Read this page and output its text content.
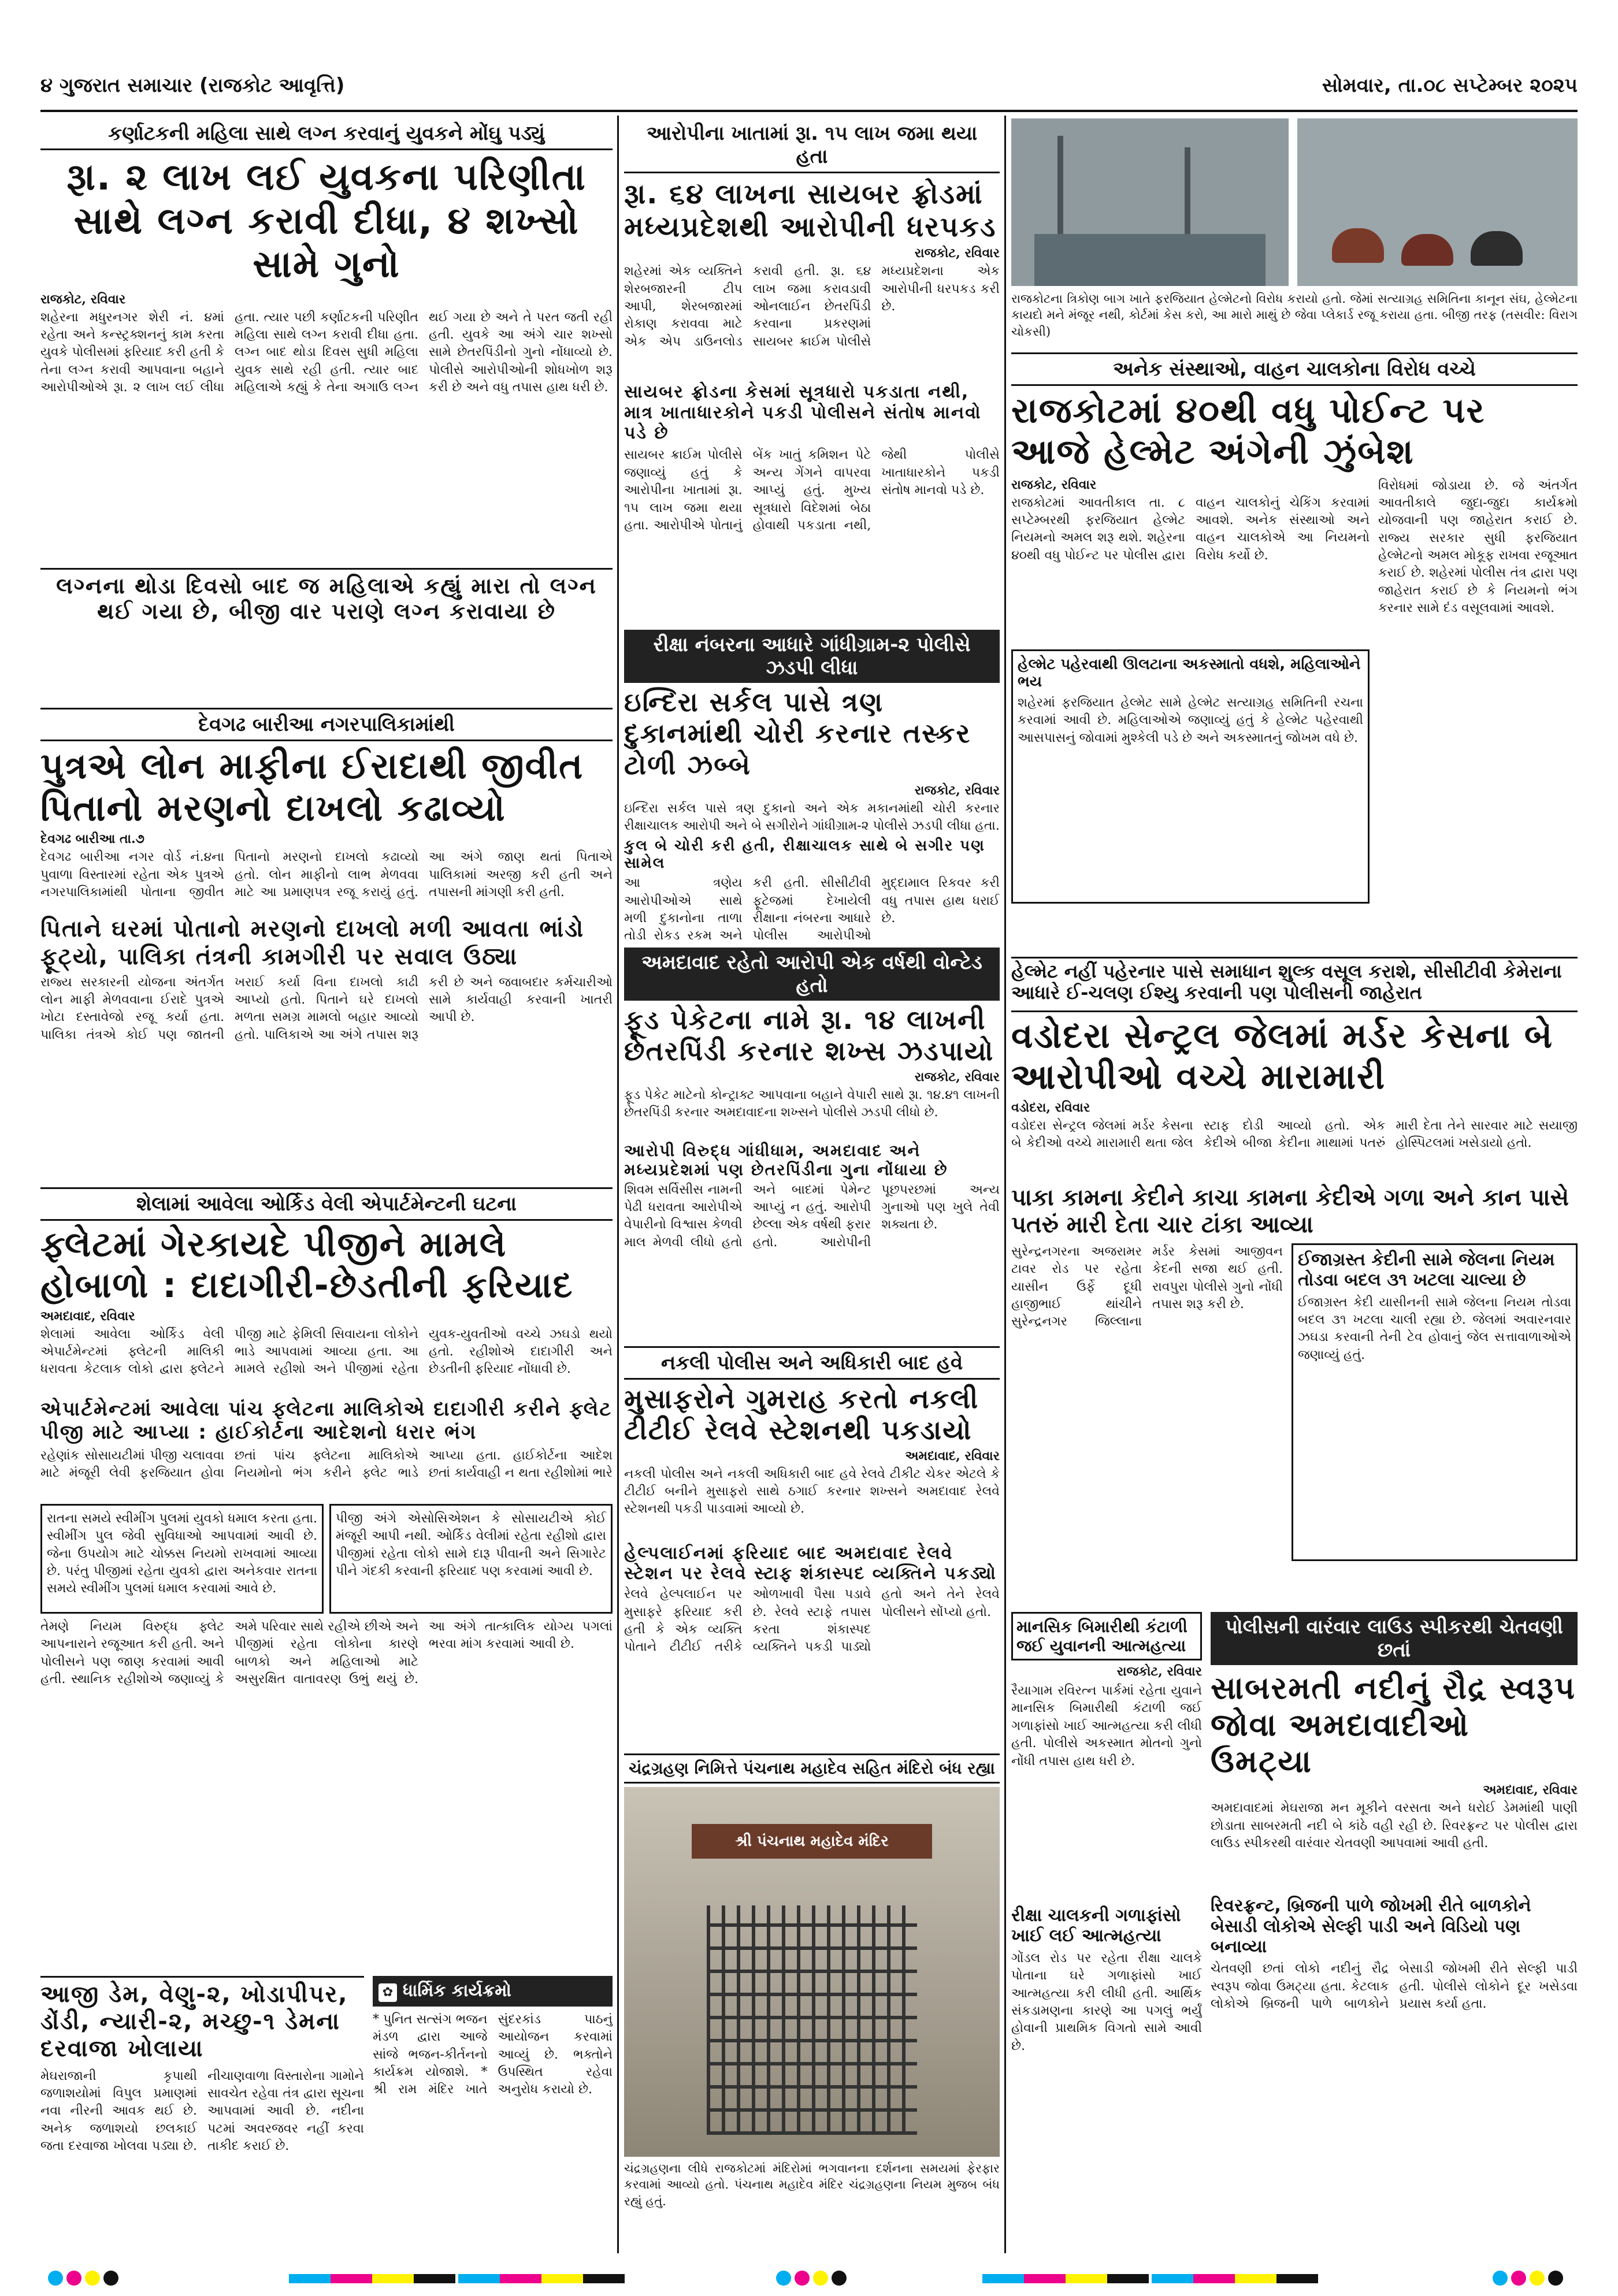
૪ ગુજરાત સમાચાર (રાજકોટ આવૃત્તિ)	સોમવાર, તા.૦૮ સપ્ટેમ્બર ૨૦૨૫
કર્ણાટકની મહિલા સાથે લગ્ન કરવાનું યુવકને મોંઘુ પડ્યું
રૂા. ૨ લાખ લઈ યુવકના પરિણીતા સાથે લગ્ન કરાવી દીધા, ૪ શખ્સો સામે ગુનો
રાજકોટ, રવિવાર
શહેરના મધુરનગર શેરી નં. ૪માં રહેતા અને કન્સ્ટ્રક્શનનું કામ કરતા યુવકે પોલીસમાં ફરિયાદ કરી હતી કે તેના લગ્ન કરાવી આપવાના બહાને આરોપીઓએ રૂા. ૨ લાખ લઈ લીધા હતા. ત્યાર પછી કર્ણાટકની પરિણીત મહિલા સાથે લગ્ન કરાવી દીધા હતા. લગ્ન બાદ થોડા દિવસ સુધી મહિલા યુવક સાથે રહી હતી. ત્યાર બાદ મહિલાએ કહ્યું કે તેના અગાઉ લગ્ન થઈ ગયા છે અને તે પરત જતી રહી હતી. યુવકે આ અંગે ચાર શખ્સો સામે છેતરપિંડીનો ગુનો નોંધાવ્યો છે. પોલીસે આરોપીઓની શોધખોળ શરૂ કરી છે અને વધુ તપાસ હાથ ધરી છે.
લગ્નના થોડા દિવસો બાદ જ મહિલાએ કહ્યું મારા તો લગ્ન થઈ ગયા છે, બીજી વાર પરાણે લગ્ન કરાવાયા છે
દેવગઢ બારીઆ નગરપાલિકામાંથી
પુત્રએ લોન માફીના ઈરાદાથી જીવીત પિતાનો મરણનો દાખલો કઢાવ્યો
દેવગઢ બારીઆ તા.૭
દેવગઢ બારીઆ નગર વોર્ડ નં.૪ના પુવાળા વિસ્તારમાં રહેતા એક પુત્રએ નગરપાલિકામાંથી પોતાના જીવીત પિતાનો મરણનો દાખલો કઢાવ્યો હતો. લોન માફીનો લાભ મેળવવા માટે આ પ્રમાણપત્ર રજૂ કરાયું હતું. આ અંગે જાણ થતાં પિતાએ પાલિકામાં અરજી કરી હતી અને તપાસની માંગણી કરી હતી.
પિતાને ઘરમાં પોતાનો મરણનો દાખલો મળી આવતા ભાંડો ફૂટ્યો, પાલિકા તંત્રની કામગીરી પર સવાલ ઉઠ્યા
રાજ્ય સરકારની યોજના અંતર્ગત લોન માફી મેળવવાના ઈરાદે પુત્રએ ખોટા દસ્તાવેજો રજૂ કર્યા હતા. પાલિકા તંત્રએ કોઈ પણ જાતની ખરાઈ કર્યા વિના દાખલો કાઢી આપ્યો હતો. પિતાને ઘરે દાખલો મળતા સમગ્ર મામલો બહાર આવ્યો હતો. પાલિકાએ આ અંગે તપાસ શરૂ કરી છે અને જવાબદાર કર્મચારીઓ સામે કાર્યવાહી કરવાની ખાતરી આપી છે.
શેલામાં આવેલા ઓર્કિડ વેલી એપાર્ટમેન્ટની ઘટના
ફ્લેટમાં ગેરકાયદે પીજીને મામલે હોબાળો : દાદાગીરી-છેડતીની ફરિયાદ
અમદાવાદ, રવિવાર
શેલામાં આવેલા ઓર્કિડ વેલી એપાર્ટમેન્ટમાં ફ્લેટની માલિકી ધરાવતા કેટલાક લોકો દ્વારા ફ્લેટને પીજી માટે ફેમિલી સિવાયના લોકોને ભાડે આપવામાં આવ્યા હતા. આ મામલે રહીશો અને પીજીમાં રહેતા યુવક-યુવતીઓ વચ્ચે ઝઘડો થયો હતો. રહીશોએ દાદાગીરી અને છેડતીની ફરિયાદ નોંધાવી છે.
એપાર્ટમેન્ટમાં આવેલા પાંચ ફ્લેટના માલિકોએ દાદાગીરી કરીને ફ્લેટ પીજી માટે આપ્યા : હાઈકોર્ટના આદેશનો ધરાર ભંગ
રહેણાંક સોસાયટીમાં પીજી ચલાવવા માટે મંજૂરી લેવી ફરજિયાત હોવા છતાં પાંચ ફ્લેટના માલિકોએ નિયમોનો ભંગ કરીને ફ્લેટ ભાડે આપ્યા હતા. હાઈકોર્ટના આદેશ છતાં કાર્યવાહી ન થતા રહીશોમાં ભારે
રાતના સમયે સ્વીમીંગ પુલમાં યુવકો ધમાલ કરતા હતા. સ્વીમીંગ પુલ જેવી સુવિધાઓ આપવામાં આવી છે. જેના ઉપયોગ માટે ચોક્કસ નિયમો રાખવામાં આવ્યા છે. પરંતુ પીજીમાં રહેતા યુવકો દ્વારા અનેકવાર રાતના સમયે સ્વીમીંગ પુલમાં ધમાલ કરવામાં આવે છે.
પીજી અંગે એસોસિએશન કે સોસાયટીએ કોઈ મંજૂરી આપી નથી. ઓર્કિડ વેલીમાં રહેતા રહીશો દ્વારા પીજીમાં રહેતા લોકો સામે દારૂ પીવાની અને સિગારેટ પીને ગંદકી કરવાની ફરિયાદ પણ કરવામાં આવી છે.
તેમણે નિયમ વિરુદ્ધ ફ્લેટ આપનારાને રજૂઆત કરી હતી. અને પોલીસને પણ જાણ કરવામાં આવી હતી. સ્થાનિક રહીશોએ જણાવ્યું કે અમે પરિવાર સાથે રહીએ છીએ અને પીજીમાં રહેતા લોકોના કારણે બાળકો અને મહિલાઓ માટે અસુરક્ષિત વાતાવરણ ઉભું થયું છે. આ અંગે તાત્કાલિક યોગ્ય પગલાં ભરવા માંગ કરવામાં આવી છે.
આજી ડેમ, વેણુ-૨, ખોડાપીપર, ડોંડી, ન્યારી-૨, મચ્છુ-૧ ડેમના દરવાજા ખોલાયા
મેઘરાજાની કૃપાથી જળાશયોમાં વિપુલ પ્રમાણમાં નવા નીરની આવક થઈ છે. અનેક જળાશયો છલકાઈ જતા દરવાજા ખોલવા પડ્યા છે. નીચાણવાળા વિસ્તારોના ગામોને સાવચેત રહેવા તંત્ર દ્વારા સૂચના આપવામાં આવી છે. નદીના પટમાં અવરજવર નહીં કરવા તાકીદ કરાઈ છે.
✿ ધાર્મિક કાર્યક્રમો
* પુનિત સત્સંગ ભજન મંડળ દ્વારા આજે સાંજે ભજન-કીર્તનનો કાર્યક્રમ યોજાશે. * શ્રી રામ મંદિર ખાતે સુંદરકાંડ પાઠનું આયોજન કરવામાં આવ્યું છે. ભક્તોને ઉપસ્થિત રહેવા અનુરોધ કરાયો છે.
આરોપીના ખાતામાં રૂા. ૧૫ લાખ જમા થયા હતા
રૂા. ૬૪ લાખના સાયબર ફ્રોડમાં મધ્યપ્રદેશથી આરોપીની ધરપકડ
રાજકોટ, રવિવાર
શહેરમાં એક વ્યક્તિને શેરબજારની ટીપ આપી, શેરબજારમાં રોકાણ કરાવવા માટે એક એપ ડાઉનલોડ કરાવી હતી. રૂા. ૬૪ લાખ જમા કરાવડાવી ઓનલાઈન છેતરપિંડી કરવાના પ્રકરણમાં સાયબર ક્રાઈમ પોલીસે મધ્યપ્રદેશના એક આરોપીની ધરપકડ કરી છે.
સાયબર ફ્રોડના કેસમાં સૂત્રધારો પકડાતા નથી, માત્ર ખાતાધારકોને પકડી પોલીસને સંતોષ માનવો પડે છે
સાયબર ક્રાઈમ પોલીસે જણાવ્યું હતું કે આરોપીના ખાતામાં રૂા. ૧૫ લાખ જમા થયા હતા. આરોપીએ પોતાનું બેંક ખાતું કમિશન પેટે અન્ય ગેંગને વાપરવા આપ્યું હતું. મુખ્ય સૂત્રધારો વિદેશમાં બેઠા હોવાથી પકડાતા નથી, જેથી પોલીસે ખાતાધારકોને પકડી સંતોષ માનવો પડે છે.
રીક્ષા નંબરના આધારે ગાંધીગ્રામ-૨ પોલીસે ઝડપી લીધા
ઇન્દિરા સર્કલ પાસે ત્રણ દુકાનમાંથી ચોરી કરનાર તસ્કર ટોળી ઝબ્બે
રાજકોટ, રવિવાર
ઇન્દિરા સર્કલ પાસે ત્રણ દુકાનો અને એક મકાનમાંથી ચોરી કરનાર રીક્ષાચાલક આરોપી અને બે સગીરોને ગાંધીગ્રામ-૨ પોલીસે ઝડપી લીધા હતા.
કુલ બે ચોરી કરી હતી, રીક્ષાચાલક સાથે બે સગીર પણ સામેલ
આ ત્રણેય આરોપીઓએ સાથે મળી દુકાનોના તાળા તોડી રોકડ રકમ અને કરી હતી. સીસીટીવી ફૂટેજમાં દેખાયેલી રીક્ષાના નંબરના આધારે પોલીસ આરોપીઓ મુદ્દામાલ રિકવર કરી વધુ તપાસ હાથ ધરાઈ છે.
અમદાવાદ રહેતો આરોપી એક વર્ષથી વોન્ટેડ હતો
ફૂડ પેકેટના નામે રૂા. ૧૪ લાખની છેતરપિંડી કરનાર શખ્સ ઝડપાયો
રાજકોટ, રવિવાર
ફૂડ પેકેટ માટેનો કોન્ટ્રાક્ટ આપવાના બહાને વેપારી સાથે રૂા. ૧૪.૪૧ લાખની છેતરપિંડી કરનાર અમદાવાદના શખ્સને પોલીસે ઝડપી લીધો છે.
આરોપી વિરુદ્ધ ગાંધીધામ, અમદાવાદ અને મધ્યપ્રદેશમાં પણ છેતરપિંડીના ગુના નોંધાયા છે
શિવમ સર્વિસીસ નામની પેઢી ધરાવતા આરોપીએ વેપારીનો વિશ્વાસ કેળવી માલ મેળવી લીધો હતો અને બાદમાં પેમેન્ટ આપ્યું ન હતું. આરોપી છેલ્લા એક વર્ષથી ફરાર હતો. આરોપીની પૂછપરછમાં અન્ય ગુનાઓ પણ ખુલે તેવી શક્યતા છે.
નકલી પોલીસ અને અધિકારી બાદ હવે
મુસાફરોને ગુમરાહ કરતો નકલી ટીટીઈ રેલવે સ્ટેશનથી પકડાયો
અમદાવાદ, રવિવાર
નકલી પોલીસ અને નકલી અધિકારી બાદ હવે રેલવે ટીકીટ ચેકર એટલે કે ટીટીઈ બનીને મુસાફરો સાથે ઠગાઈ કરનાર શખ્સને અમદાવાદ રેલવે સ્ટેશનથી પકડી પાડવામાં આવ્યો છે.
હેલ્પલાઈનમાં ફરિયાદ બાદ અમદાવાદ રેલવે સ્ટેશન પર રેલવે સ્ટાફ શંકાસ્પદ વ્યક્તિને પકડ્યો
રેલવે હેલ્પલાઈન પર મુસાફરે ફરિયાદ કરી હતી કે એક વ્યક્તિ પોતાને ટીટીઈ તરીકે ઓળખાવી પૈસા પડાવે છે. રેલવે સ્ટાફે તપાસ કરતા શંકાસ્પદ વ્યક્તિને પકડી પાડ્યો હતો અને તેને રેલવે પોલીસને સોંપ્યો હતો.
ચંદ્રગ્રહણ નિમિત્તે પંચનાથ મહાદેવ સહિત મંદિરો બંધ રહ્યા
શ્રી પંચનાથ મહાદેવ મંદિર
ચંદ્રગ્રહણના લીધે રાજકોટમાં મંદિરોમાં ભગવાનના દર્શનના સમયમાં ફેરફાર કરવામાં આવ્યો હતો. પંચનાથ મહાદેવ મંદિર ચંદ્રગ્રહણના નિયમ મુજબ બંધ રહ્યું હતું.
રાજકોટના ત્રિકોણ બાગ ખાતે ફરજિયાત હેલ્મેટનો વિરોધ કરાયો હતો. જેમાં સત્યાગ્રહ સમિતિના કાનૂન સંઘ, હેલ્મેટના કાયદો મને મંજૂર નથી, કોર્ટમાં કેસ કરો, આ મારો માથું છે જેવા પ્લેકાર્ડ રજૂ કરાયા હતા. બીજી તરફ (તસવીર: વિરાગ ચોકસી)
અનેક સંસ્થાઓ, વાહન ચાલકોના વિરોધ વચ્ચે
રાજકોટમાં ૪૦થી વધુ પોઈન્ટ પર આજે હેલ્મેટ અંગેની ઝુંબેશ
રાજકોટ, રવિવાર
રાજકોટમાં આવતીકાલ તા. ૮ સપ્ટેમ્બરથી ફરજિયાત હેલ્મેટ નિયમનો અમલ શરૂ થશે. શહેરના ૪૦થી વધુ પોઈન્ટ પર પોલીસ દ્વારા વાહન ચાલકોનું ચેકિંગ કરવામાં આવશે. અનેક સંસ્થાઓ અને વાહન ચાલકોએ આ નિયમનો વિરોધ કર્યો છે.
હેલ્મેટ પહેરવાથી ઊલટાના અકસ્માતો વધશે, મહિલાઓને ભય
શહેરમાં ફરજિયાત હેલ્મેટ સામે હેલ્મેટ સત્યાગ્રહ સમિતિની રચના કરવામાં આવી છે. મહિલાઓએ જણાવ્યું હતું કે હેલ્મેટ પહેરવાથી આસપાસનું જોવામાં મુશ્કેલી પડે છે અને અકસ્માતનું જોખમ વધે છે.
વિરોધમાં જોડાયા છે. જે અંતર્ગત આવતીકાલે જુદા-જુદા કાર્યક્રમો યોજવાની પણ જાહેરાત કરાઈ છે. રાજ્ય સરકાર સુધી ફરજિયાત હેલ્મેટનો અમલ મોકૂફ રાખવા રજૂઆત કરાઈ છે. શહેરમાં પોલીસ તંત્ર દ્વારા પણ જાહેરાત કરાઈ છે કે નિયમનો ભંગ કરનાર સામે દંડ વસૂલવામાં આવશે.
હેલ્મેટ નહીં પહેરનાર પાસે સમાધાન શુલ્ક વસૂલ કરાશે, સીસીટીવી કેમેરાના આધારે ઈ-ચલણ ઈશ્યુ કરવાની પણ પોલીસની જાહેરાત
વડોદરા સેન્ટ્રલ જેલમાં મર્ડર કેસના બે આરોપીઓ વચ્ચે મારામારી
વડોદરા, રવિવાર
વડોદરા સેન્ટ્રલ જેલમાં મર્ડર કેસના બે કેદીઓ વચ્ચે મારામારી થતા જેલ સ્ટાફ દોડી આવ્યો હતો. એક કેદીએ બીજા કેદીના માથામાં પતરું મારી દેતા તેને સારવાર માટે સયાજી હોસ્પિટલમાં ખસેડાયો હતો.
પાકા કામના કેદીને કાચા કામના કેદીએ ગળા અને કાન પાસે પતરું મારી દેતા ચાર ટાંકા આવ્યા
સુરેન્દ્રનગરના અજરામર ટાવર રોડ પર રહેતા યાસીન ઉર્ફે દૂધી હાજીભાઈ થાંચીને સુરેન્દ્રનગર જિલ્લાના મર્ડર કેસમાં આજીવન કેદની સજા થઈ હતી. રાવપુરા પોલીસે ગુનો નોંધી તપાસ શરૂ કરી છે.
ઈજાગ્રસ્ત કેદીની સામે જેલના નિયમ તોડવા બદલ ૩૧ ખટલા ચાલ્યા છે
ઈજાગ્રસ્ત કેદી યાસીનની સામે જેલના નિયમ તોડવા બદલ ૩૧ ખટલા ચાલી રહ્યા છે. જેલમાં અવારનવાર ઝઘડા કરવાની તેની ટેવ હોવાનું જેલ સત્તાવાળાઓએ જણાવ્યું હતું.
માનસિક બિમારીથી કંટાળી જઈ યુવાનની આત્મહત્યા
રાજકોટ, રવિવાર
રૈયાગામ રવિરત્ન પાર્કમાં રહેતા યુવાને માનસિક બિમારીથી કંટાળી જઈ ગળાફાંસો ખાઈ આત્મહત્યા કરી લીધી હતી. પોલીસે અકસ્માત મોતનો ગુનો નોંધી તપાસ હાથ ધરી છે.
રીક્ષા ચાલકની ગળાફાંસો ખાઈ લઈ આત્મહત્યા
ગોંડલ રોડ પર રહેતા રીક્ષા ચાલકે પોતાના ઘરે ગળાફાંસો ખાઈ આત્મહત્યા કરી લીધી હતી. આર્થિક સંકડામણના કારણે આ પગલું ભર્યું હોવાની પ્રાથમિક વિગતો સામે આવી છે.
પોલીસની વારંવાર લાઉડ સ્પીકરથી ચેતવણી છતાં
સાબરમતી નદીનું રૌદ્ર સ્વરૂપ જોવા અમદાવાદીઓ ઉમટ્યા
અમદાવાદ, રવિવાર
અમદાવાદમાં મેઘરાજા મન મૂકીને વરસતા અને ધરોઈ ડેમમાંથી પાણી છોડાતા સાબરમતી નદી બે કાંઠે વહી રહી છે. રિવરફ્રન્ટ પર પોલીસ દ્વારા લાઉડ સ્પીકરથી વારંવાર ચેતવણી આપવામાં આવી હતી.
રિવરફ્રન્ટ, બ્રિજની પાળે જોખમી રીતે બાળકોને બેસાડી લોકોએ સેલ્ફી પાડી અને વિડિયો પણ બનાવ્યા
ચેતવણી છતાં લોકો નદીનું રૌદ્ર સ્વરૂપ જોવા ઉમટ્યા હતા. કેટલાક લોકોએ બ્રિજની પાળે બાળકોને બેસાડી જોખમી રીતે સેલ્ફી પાડી હતી. પોલીસે લોકોને દૂર ખસેડવા પ્રયાસ કર્યા હતા.
